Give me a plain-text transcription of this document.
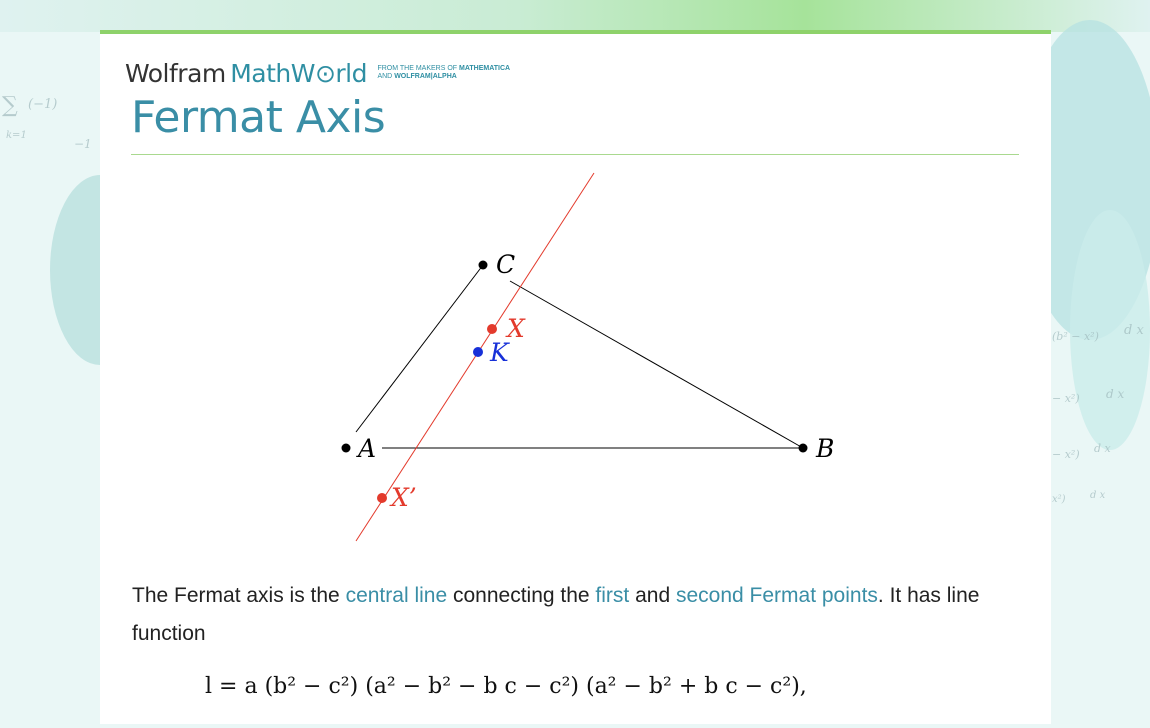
∑ (−1)
k=1
−1
(b² − x²) d x
− x²) d x
− x²) d x
x²) d x
Wolfram MathW⊙rld FROM THE MAKERS OF MATHEMATICA
AND WOLFRAM|ALPHA
Fermat Axis
A	B
C
X
K
X’

The Fermat axis is the central line connecting the first and second Fermat points. It has line function

l = a (b² − c²) (a² − b² − b c − c²) (a² − b² + b c − c²),
